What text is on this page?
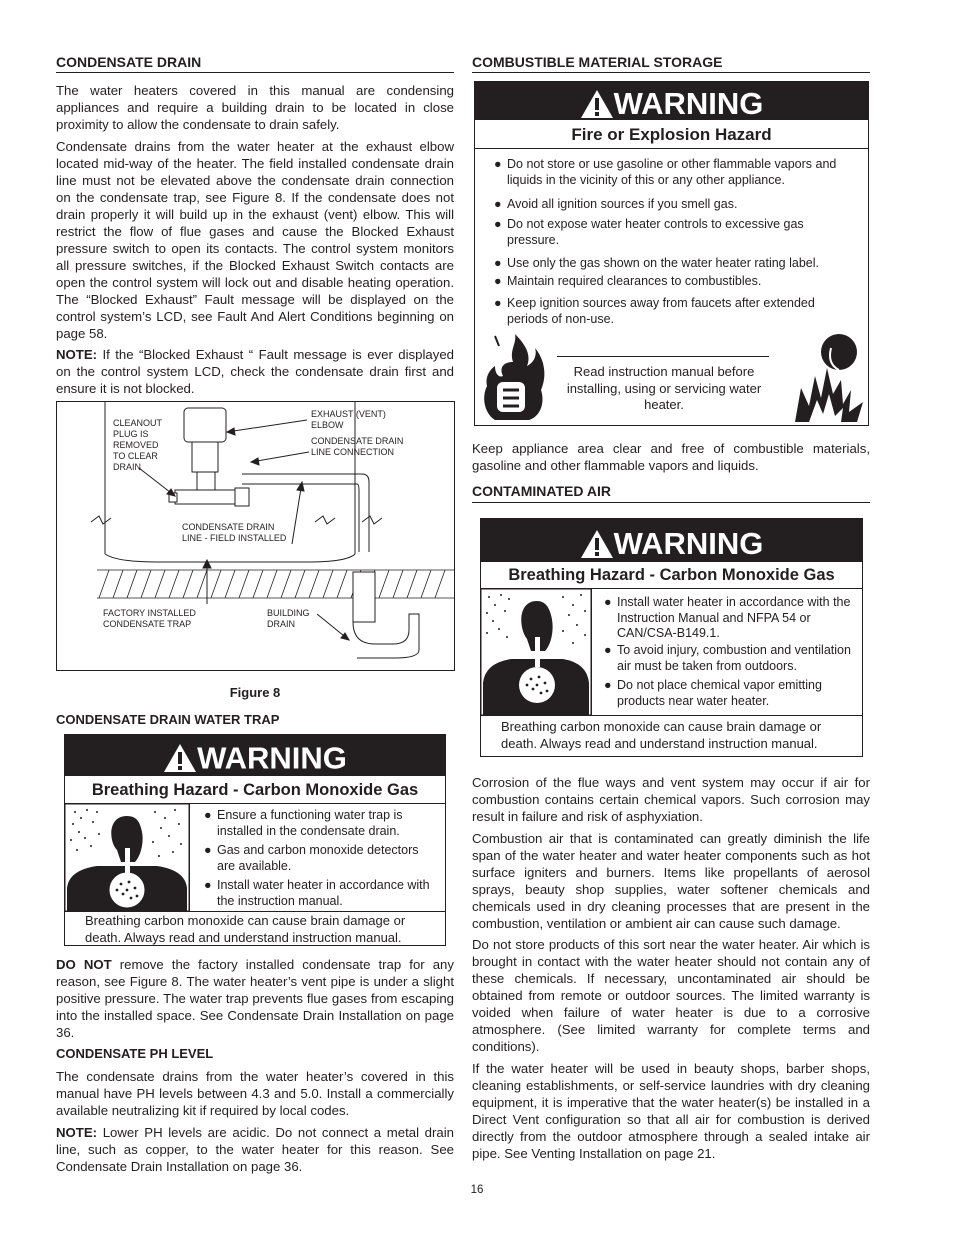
CONDENSATE DRAIN
The water heaters covered in this manual are condensing appliances and require a building drain to be located in close proximity to allow the condensate to drain safely.
Condensate drains from the water heater at the exhaust elbow located mid-way of the heater. The field installed condensate drain line must not be elevated above the condensate drain connection on the condensate trap, see Figure 8. If the condensate does not drain properly it will build up in the exhaust (vent) elbow. This will restrict the flow of flue gases and cause the Blocked Exhaust pressure switch to open its contacts. The control system monitors all pressure switches, if the Blocked Exhaust Switch contacts are open the control system will lock out and disable heating operation. The “Blocked Exhaust” Fault message will be displayed on the control system’s LCD, see Fault And Alert Conditions beginning on page 58.
NOTE: If the “Blocked Exhaust “ Fault message is ever displayed on the control system LCD, check the condensate drain first and ensure it is not blocked.
CLEANOUT
PLUG IS
REMOVED
TO CLEAR
DRAIN
EXHAUST (VENT)
ELBOW
CONDENSATE DRAIN
LINE CONNECTION
CONDENSATE DRAIN
LINE - FIELD INSTALLED
FACTORY INSTALLED
CONDENSATE TRAP
BUILDING
DRAIN
Figure 8
CONDENSATE DRAIN WATER TRAP
WARNING
Breathing Hazard - Carbon Monoxide Gas
● Ensure a functioning water trap is installed in the condensate drain.
● Gas and carbon monoxide detectors are available.
● Install water heater in accordance with the instruction manual.
Breathing carbon monoxide can cause brain damage or death. Always read and understand instruction manual.
DO NOT remove the factory installed condensate trap for any reason, see Figure 8. The water heater’s vent pipe is under a slight positive pressure. The water trap prevents flue gases from escaping into the installed space. See Condensate Drain Installation on page 36.
CONDENSATE PH LEVEL
The condensate drains from the water heater’s covered in this manual have PH levels between 4.3 and 5.0. Install a commercially available neutralizing kit if required by local codes.
NOTE: Lower PH levels are acidic. Do not connect a metal drain line, such as copper, to the water heater for this reason. See Condensate Drain Installation on page 36.
COMBUSTIBLE MATERIAL STORAGE
WARNING
Fire or Explosion Hazard
● Do not store or use gasoline or other flammable vapors and liquids in the vicinity of this or any other appliance.
● Avoid all ignition sources if you smell gas.
● Do not expose water heater controls to excessive gas pressure.
● Use only the gas shown on the water heater rating label.
● Maintain required clearances to combustibles.
● Keep ignition sources away from faucets after extended periods of non-use.
Read instruction manual before installing, using or servicing water heater.
Keep appliance area clear and free of combustible materials, gasoline and other flammable vapors and liquids.
CONTAMINATED AIR
WARNING
Breathing Hazard - Carbon Monoxide Gas
● Install water heater in accordance with the Instruction Manual and NFPA 54 or CAN/CSA-B149.1.
● To avoid injury, combustion and ventilation air must be taken from outdoors.
● Do not place chemical vapor emitting products near water heater.
Breathing carbon monoxide can cause brain damage or death. Always read and understand instruction manual.
Corrosion of the flue ways and vent system may occur if air for combustion contains certain chemical vapors. Such corrosion may result in failure and risk of asphyxiation.
Combustion air that is contaminated can greatly diminish the life span of the water heater and water heater components such as hot surface igniters and burners. Items like propellants of aerosol sprays, beauty shop supplies, water softener chemicals and chemicals used in dry cleaning processes that are present in the combustion, ventilation or ambient air can cause such damage.
Do not store products of this sort near the water heater. Air which is brought in contact with the water heater should not contain any of these chemicals. If necessary, uncontaminated air should be obtained from remote or outdoor sources. The limited warranty is voided when failure of water heater is due to a corrosive atmosphere. (See limited warranty for complete terms and conditions).
If the water heater will be used in beauty shops, barber shops, cleaning establishments, or self-service laundries with dry cleaning equipment, it is imperative that the water heater(s) be installed in a Direct Vent configuration so that all air for combustion is derived directly from the outdoor atmosphere through a sealed intake air pipe. See Venting Installation on page 21.
16
